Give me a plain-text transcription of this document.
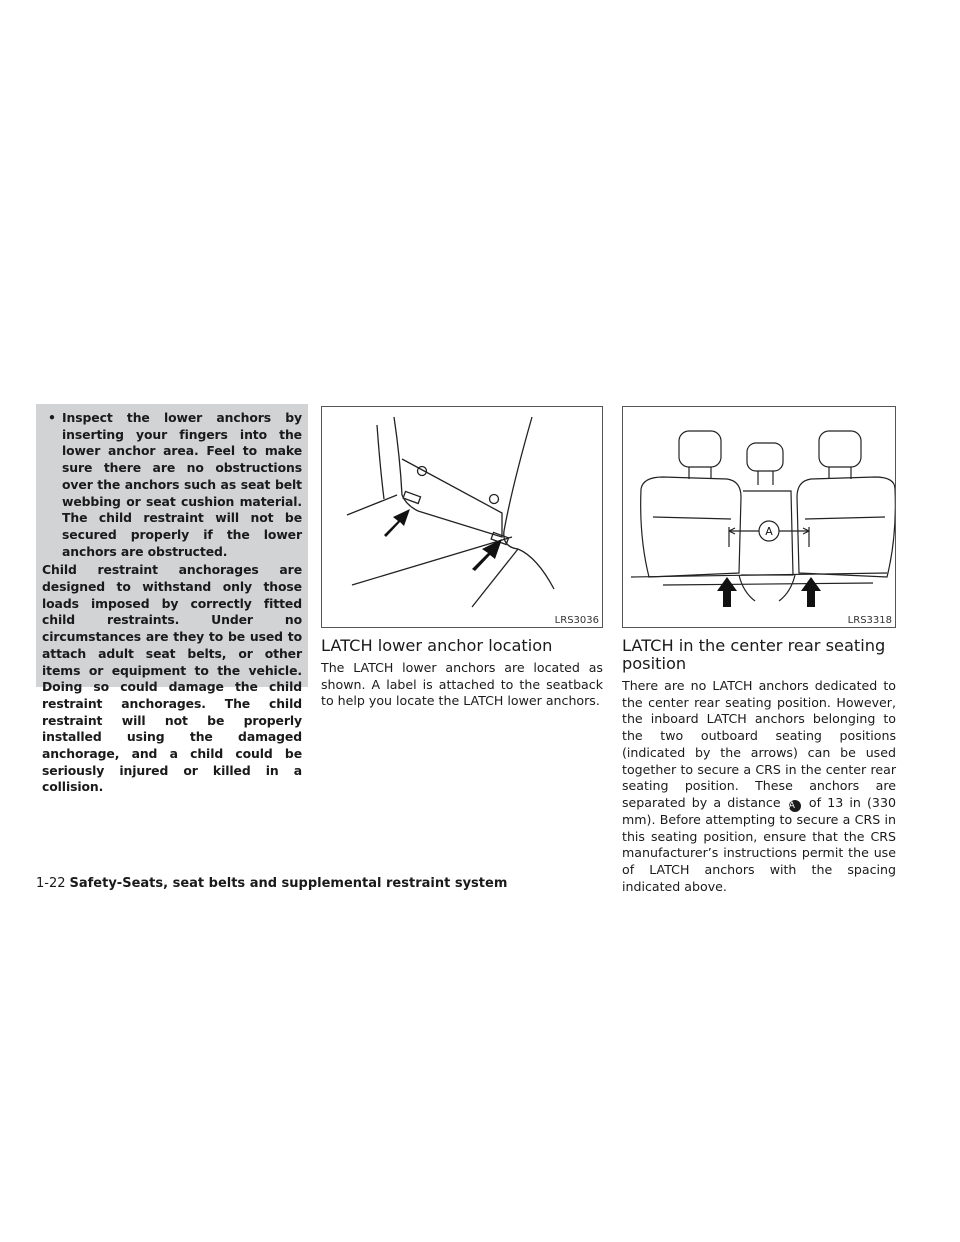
• Inspect the lower anchors by inserting your fingers into the lower anchor area. Feel to make sure there are no obstructions over the anchors such as seat belt webbing or seat cushion material. The child restraint will not be secured properly if the lower anchors are obstructed.

Child restraint anchorages are designed to withstand only those loads imposed by correctly fitted child restraints. Under no circumstances are they to be used to attach adult seat belts, or other items or equipment to the vehicle. Doing so could damage the child restraint anchorages. The child restraint will not be properly installed using the damaged anchorage, and a child could be seriously injured or killed in a collision.

LRS3036
A
LRS3318
LATCH lower anchor location

The LATCH lower anchors are located as shown. A label is attached to the seatback to help you locate the LATCH lower anchors.

LATCH in the center rear seating
position

There are no LATCH anchors dedicated to the center rear seating position. However, the inboard LATCH anchors belonging to the two outboard seating positions (indicated by the arrows) can be used together to secure a CRS in the center rear seating position. These anchors are separated by a distance A of 13 in (330 mm). Before attempting to secure a CRS in this seating position, ensure that the CRS manufacturer’s instructions permit the use of LATCH anchors with the spacing indicated above.

1-22 Safety-Seats, seat belts and supplemental restraint system
